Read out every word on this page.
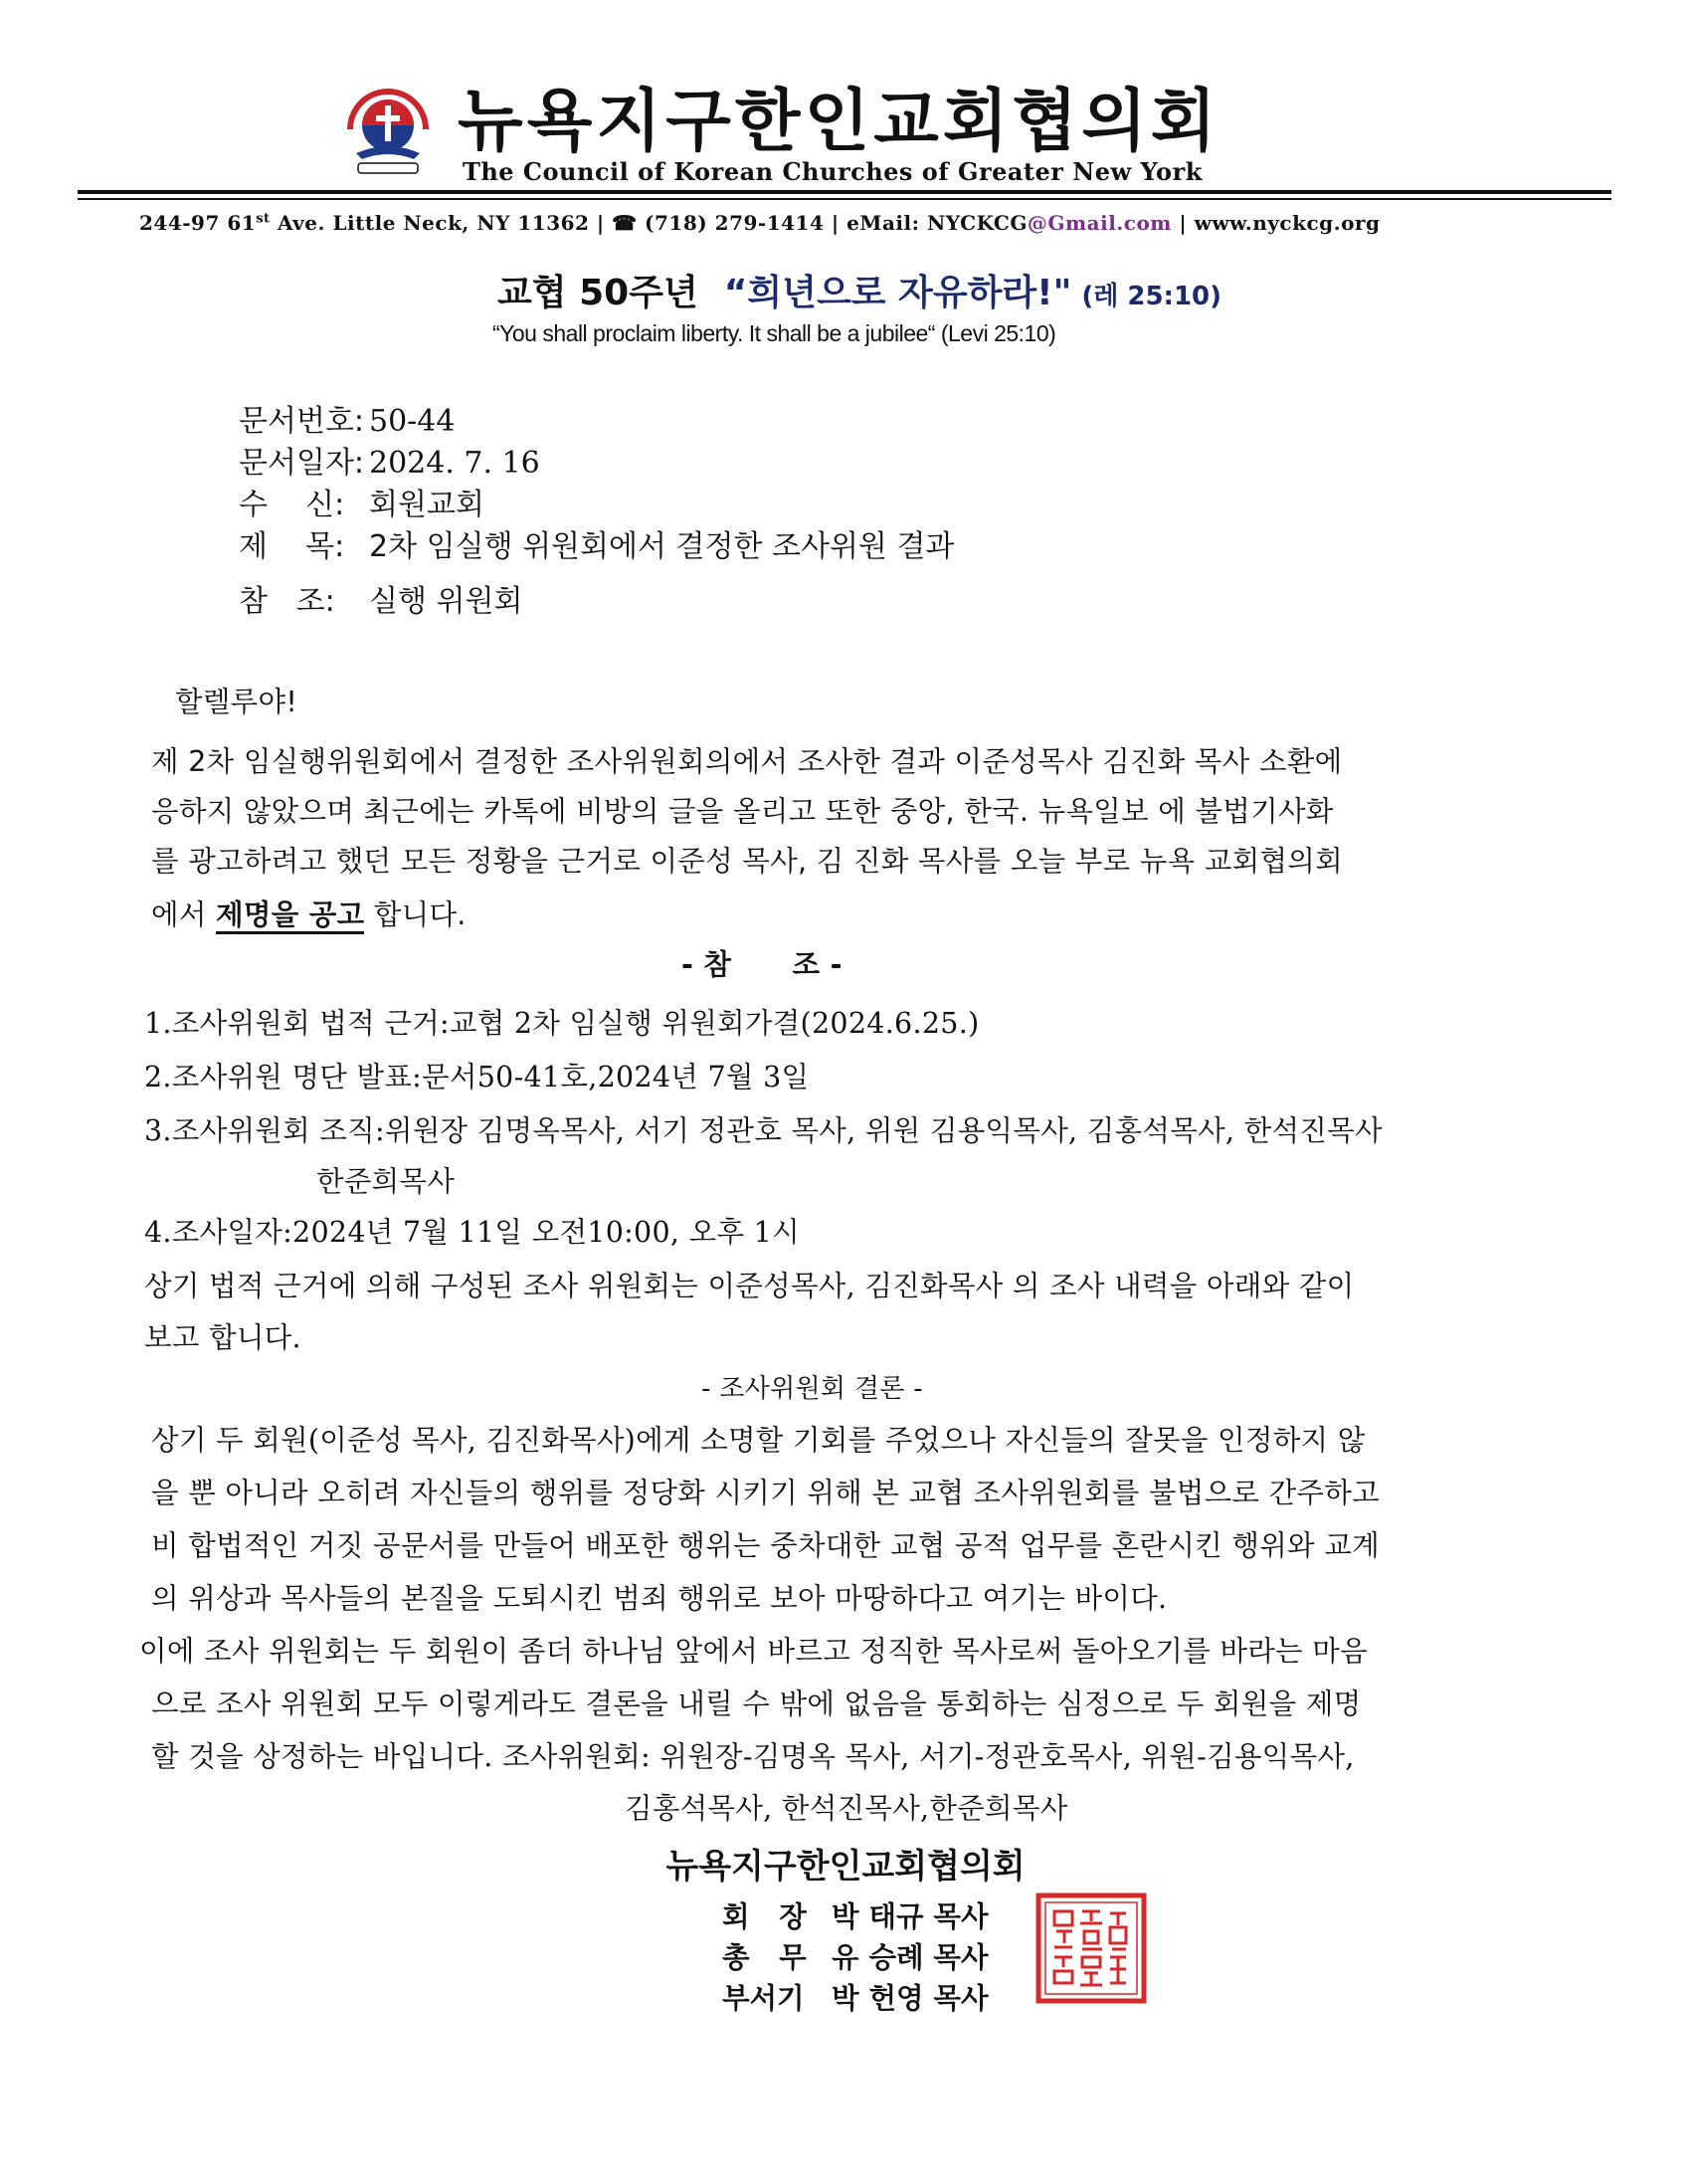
뉴욕지구한인교회협의회
The Council of Korean Churches of Greater New York
244-97 61st Ave. Little Neck, NY 11362 | ☎ (718) 279-1414 | eMail: NYCKCG@Gmail.com | www.nyckcg.org
교협 50주년 “희년으로 자유하라!" (레 25:10)
“You shall proclaim liberty. It shall be a jubilee“ (Levi 25:10)
문서번호: 50-44
문서일자: 2024. 7. 16
수    신: 회원교회
제    목: 2차 임실행 위원회에서 결정한 조사위원 결과
참   조: 실행 위원회
할렐루야!
제 2차 임실행위원회에서 결정한 조사위원회의에서 조사한 결과 이준성목사 김진화 목사 소환에
응하지 않았으며 최근에는 카톡에 비방의 글을 올리고 또한 중앙, 한국. 뉴욕일보 에 불법기사화
를 광고하려고 했던 모든 정황을 근거로 이준성 목사, 김 진화 목사를 오늘 부로 뉴욕 교회협의회
에서 제명을 공고 합니다.
- 참      조 -
1.조사위원회 법적 근거:교협 2차 임실행 위원회가결(2024.6.25.)
2.조사위원 명단 발표:문서50-41호,2024년 7월 3일
3.조사위원회 조직:위원장 김명옥목사, 서기 정관호 목사, 위원 김용익목사, 김홍석목사, 한석진목사
한준희목사
4.조사일자:2024년 7월 11일 오전10:00, 오후 1시
상기 법적 근거에 의해 구성된 조사 위원회는 이준성목사, 김진화목사 의 조사 내력을 아래와 같이
보고 합니다.
- 조사위원회 결론 -
상기 두 회원(이준성 목사, 김진화목사)에게 소명할 기회를 주었으나 자신들의 잘못을 인정하지 않
을 뿐 아니라 오히려 자신들의 행위를 정당화 시키기 위해 본 교협 조사위원회를 불법으로 간주하고
비 합법적인 거짓 공문서를 만들어 배포한 행위는 중차대한 교협 공적 업무를 혼란시킨 행위와 교계
의 위상과 목사들의 본질을 도퇴시킨 범죄 행위로 보아 마땅하다고 여기는 바이다.
이에 조사 위원회는 두 회원이 좀더 하나님 앞에서 바르고 정직한 목사로써 돌아오기를 바라는 마음
으로 조사 위원회 모두 이렇게라도 결론을 내릴 수 밖에 없음을 통회하는 심정으로 두 회원을 제명
할 것을 상정하는 바입니다. 조사위원회: 위원장-김명옥 목사, 서기-정관호목사, 위원-김용익목사,
김홍석목사, 한석진목사,한준희목사
뉴욕지구한인교회협의회
회   장 박 태규 목사
총   무 유 승례 목사
부서기 박 헌영 목사
